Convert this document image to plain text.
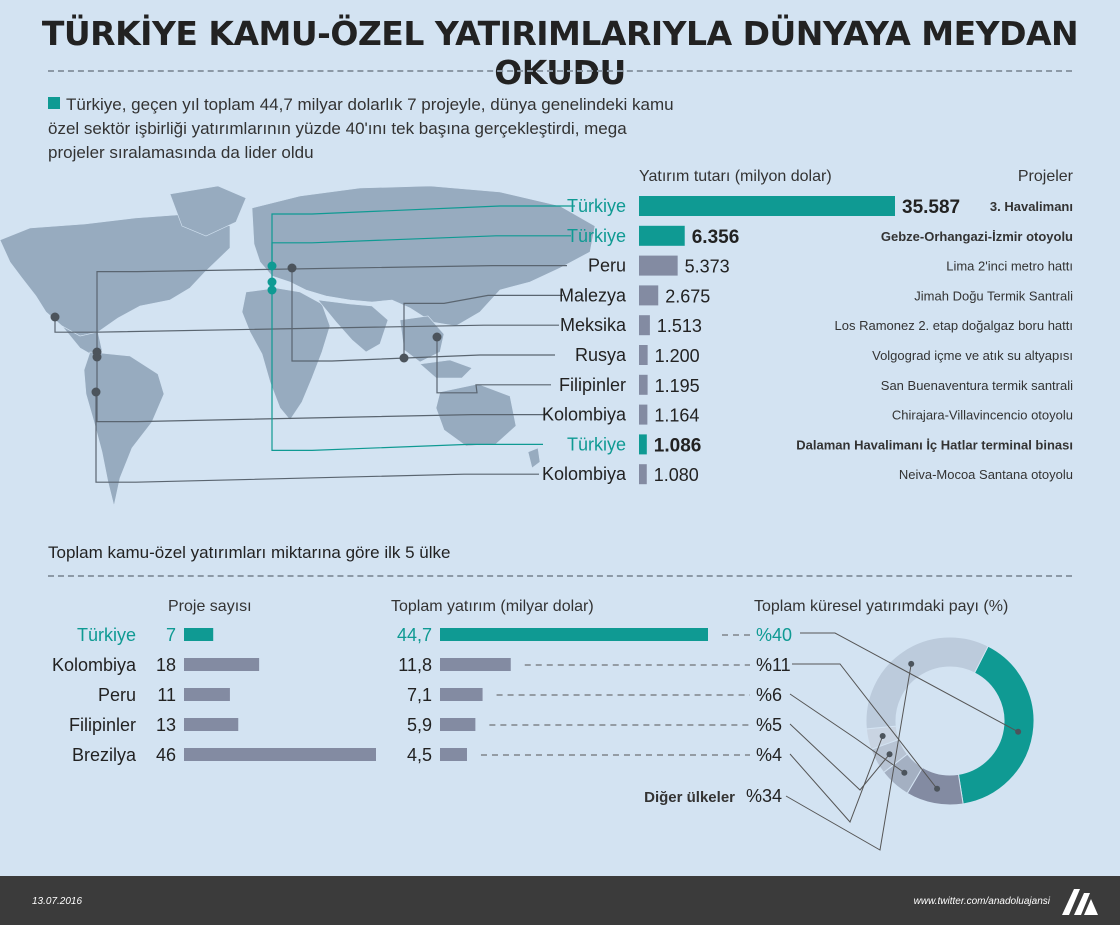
TÜRKİYE KAMU-ÖZEL YATIRIMLARIYLA DÜNYAYA MEYDAN OKUDU
Türkiye, geçen yıl toplam 44,7 milyar dolarlık 7 projeyle, dünya genelindeki kamu özel sektör işbirliği yatırımlarının yüzde 40'ını tek başına gerçekleştirdi, mega projeler sıralamasında da lider oldu
Yatırım tutarı (milyon dolar)	Projeler
Toplam kamu-özel yatırımları miktarına göre ilk 5 ülke
Proje sayısı	Toplam yatırım (milyar dolar)	Toplam küresel yatırımdaki payı (%)
Türkiye	35.587 3. Havalimanı
Türkiye	6.356	Gebze-Orhangazi-İzmir otoyolu
Peru	5.373	Lima 2'inci metro hattı
Malezya 2.675	Jimah Doğu Termik Santrali
Meksika 1.513	Los Ramonez 2. etap doğalgaz boru hattı
Rusya 1.200	Volgograd içme ve atık su altyapısı
Filipinler 1.195	San Buenaventura termik santrali
Kolombiya 1.164	Chirajara-Villavincencio otoyolu
Türkiye 1.086	Dalaman Havalimanı İç Hatlar terminal binası
Kolombiya 1.080	Neiva-Mocoa Santana otoyolu
Türkiye 7	44,7	%40
Kolombiya 18	11,8	%11
Peru 11	7,1	%6
Filipinler 13	5,9	%5
Brezilya 46	4,5	%4
Diğer ülkeler %34
13.07.2016	www.twitter.com/anadoluajansi
